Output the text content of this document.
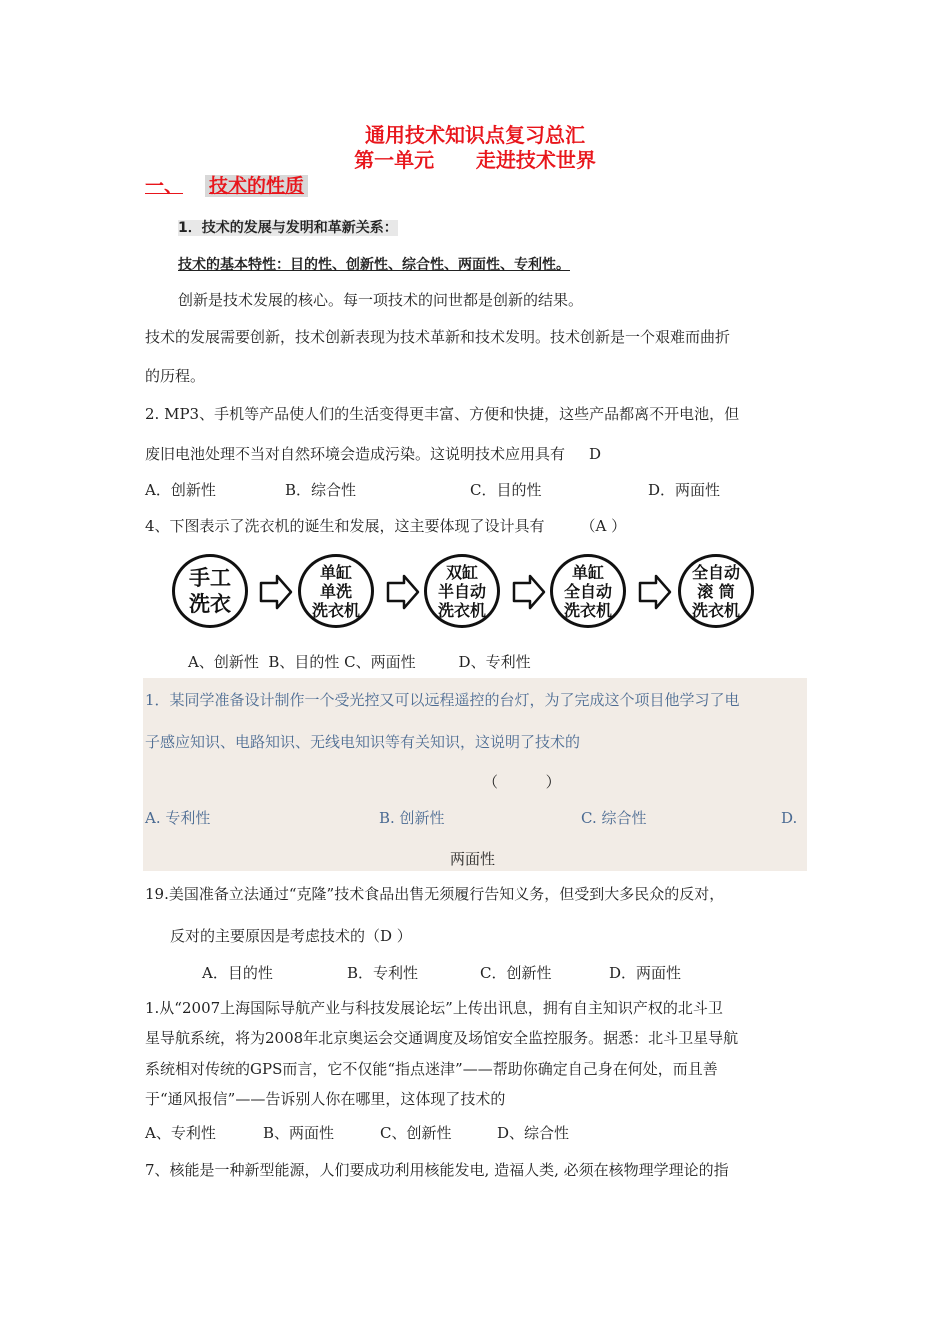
通用技术知识点复习总汇
第一单元      走进技术世界
一、 技术的性质
1．技术的发展与发明和革新关系：
技术的基本特性：目的性、创新性、综合性、两面性、专利性。
创新是技术发展的核心。每一项技术的问世都是创新的结果。
技术的发展需要创新，技术创新表现为技术革新和技术发明。技术创新是一个艰难而曲折
的历程。
2. MP3、手机等产品使人们的生活变得更丰富、方便和快捷，这些产品都离不开电池，但
废旧电池处理不当对自然环境会造成污染。这说明技术应用具有 D
A．创新性	B．综合性	C．目的性	D．两面性
4、下图表示了洗衣机的诞生和发展，这主要体现了设计具有 （A ）
手工
洗衣
单缸
单洗
洗衣机
双缸
半自动
洗衣机
单缸
全自动
洗衣机
全自动
滚 筒
洗衣机
A、创新性  B、目的性 C、两面性         D、专利性
1．某同学准备设计制作一个受光控又可以远程遥控的台灯，为了完成这个项目他学习了电
子感应知识、电路知识、无线电知识等有关知识，这说明了技术的
（          ）
A. 专利性	B. 创新性	C. 综合性	D.
两面性
19.美国准备立法通过“克隆”技术食品出售无须履行告知义务，但受到大多民众的反对，
反对的主要原因是考虑技术的（D ）
A．目的性	B．专利性	C．创新性	D．两面性
1.从“2007上海国际导航产业与科技发展论坛”上传出讯息，拥有自主知识产权的北斗卫
星导航系统，将为2008年北京奥运会交通调度及场馆安全监控服务。据悉：北斗卫星导航
系统相对传统的GPS而言，它不仅能“指点迷津”——帮助你确定自己身在何处，而且善
于“通风报信”——告诉别人你在哪里，这体现了技术的
A、专利性	B、两面性	C、创新性	D、综合性
7、核能是一种新型能源，人们要成功利用核能发电, 造福人类, 必须在核物理学理论的指
